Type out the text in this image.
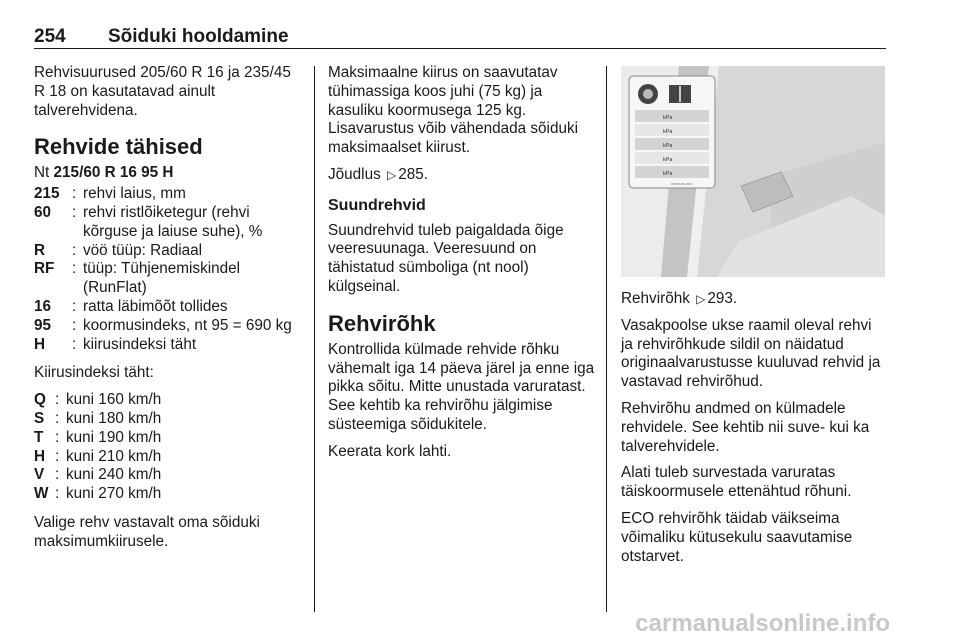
254 Sõiduki hooldamine

Rehvisuurused 205/60 R 16 ja 235/45 R 18 on kasutatavad ainult talverehvidena.

Rehvide tähised

Nt 215/60 R 16 95 H

215 : rehvi laius, mm
60	: rehvi ristlõiketegur (rehvi kõrguse ja laiuse suhe), %
R	: vöö tüüp: Radiaal
RF	: tüüp: Tühjenemiskindel (RunFlat)
16	: ratta läbimõõt tollides
95	: koormusindeks, nt 95 = 690 kg
H	: kiirusindeksi täht

Kiirusindeksi täht:

Q : kuni 160 km/h
S : kuni 180 km/h
T : kuni 190 km/h
H : kuni 210 km/h
V : kuni 240 km/h
W : kuni 270 km/h

Valige rehv vastavalt oma sõiduki maksimumkiirusele.

Maksimaalne kiirus on saavutatav tühimassiga koos juhi (75 kg) ja kasuliku koormusega 125 kg. Lisavarustus võib vähendada sõiduki maksimaalset kiirust.

Jõudlus ▷ 285.

Suundrehvid

Suundrehvid tuleb paigaldada õige veeresuunaga. Veeresuund on tähistatud sümboliga (nt nool) külgseinal.

Rehvirõhk

Kontrollida külmade rehvide rõhku vähemalt iga 14 päeva järel ja enne iga pikka sõitu. Mitte unustada varuratast. See kehtib ka rehvirõhu jälgimise süsteemiga sõidukitele.

Keerata kork lahti.

kPa
kPa
kPa
kPa
kPa
xxxxxxx-xxx

Rehvirõhk ▷ 293.

Vasakpoolse ukse raamil oleval rehvi ja rehvirõhkude sildil on näidatud originaalvarustusse kuuluvad rehvid ja vastavad rehvirõhud.

Rehvirõhu andmed on külmadele rehvidele. See kehtib nii suve- kui ka talverehvidele.

Alati tuleb survestada varuratas täiskoormusele ettenähtud rõhuni.

ECO rehvirõhk täidab väikseima võimaliku kütusekulu saavutamise otstarvet.

carmanualsonline.info
